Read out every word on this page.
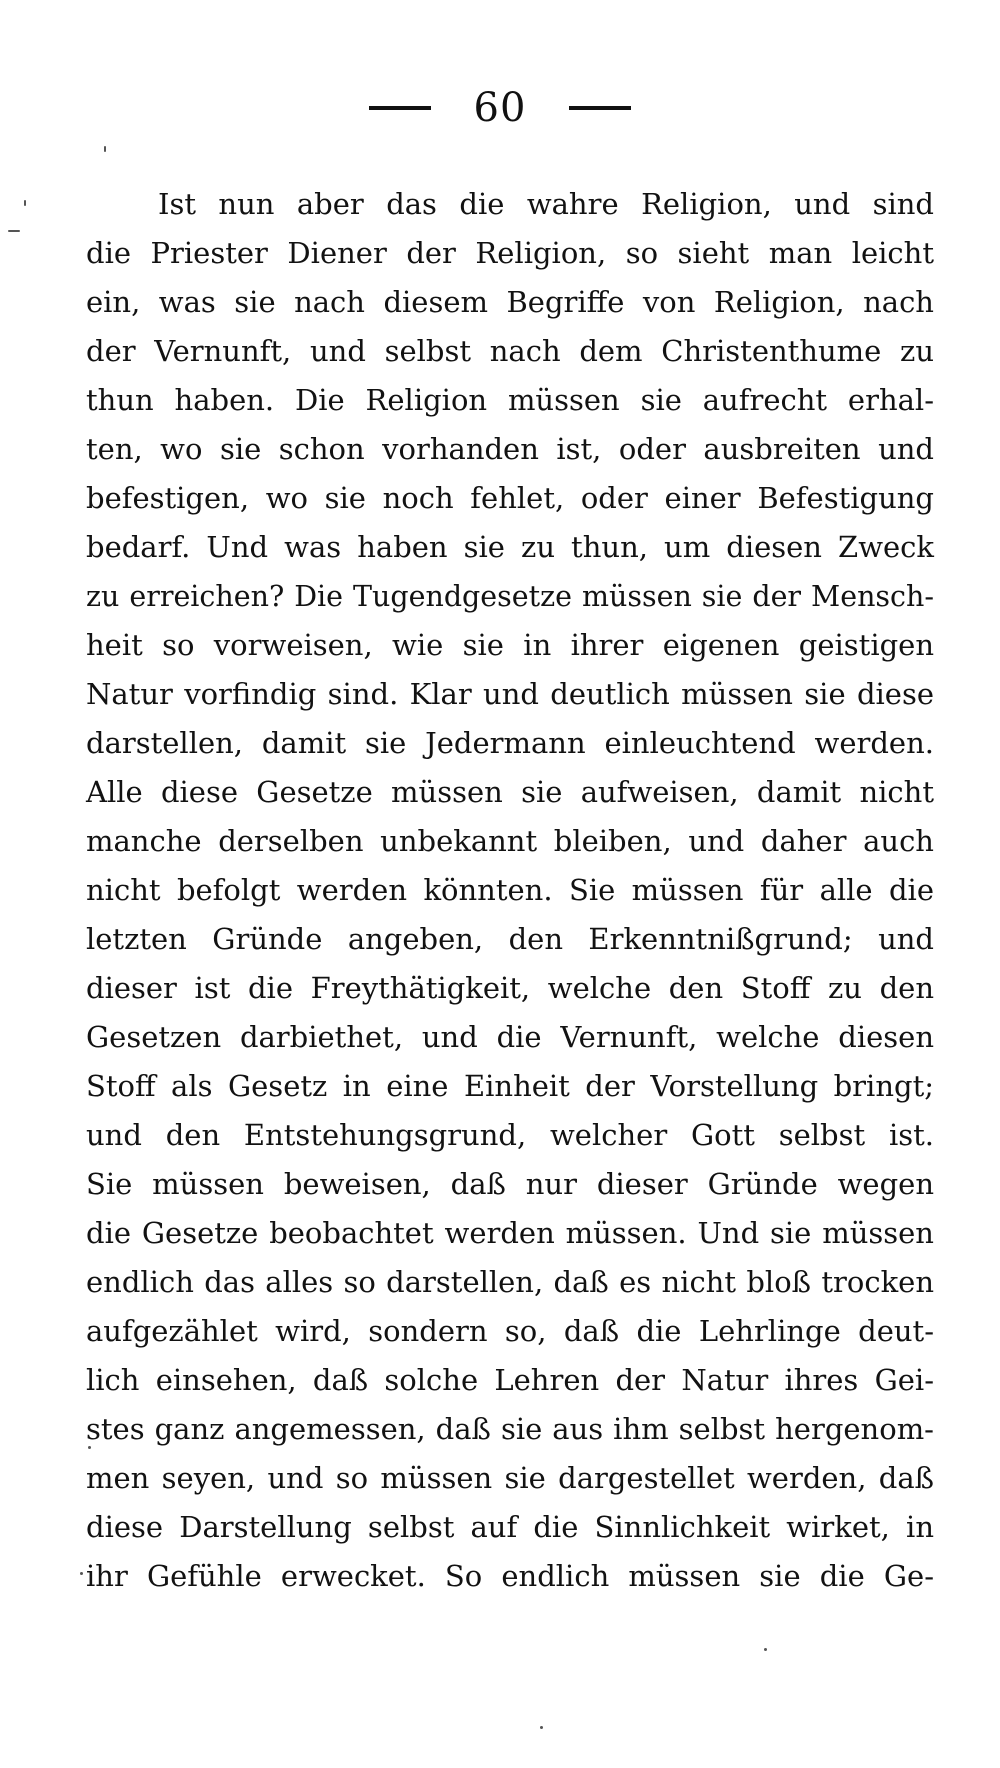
60
Ist nun aber das die wahre Religion, und sind
die Priester Diener der Religion, so sieht man leicht
ein, was sie nach diesem Begriffe von Religion, nach
der Vernunft, und selbst nach dem Christenthume zu
thun haben. Die Religion müssen sie aufrecht erhal-
ten, wo sie schon vorhanden ist, oder ausbreiten und
befestigen, wo sie noch fehlet, oder einer Befestigung
bedarf. Und was haben sie zu thun, um diesen Zweck
zu erreichen? Die Tugendgesetze müssen sie der Mensch-
heit so vorweisen, wie sie in ihrer eigenen geistigen
Natur vorfindig sind. Klar und deutlich müssen sie diese
darstellen, damit sie Jedermann einleuchtend werden.
Alle diese Gesetze müssen sie aufweisen, damit nicht
manche derselben unbekannt bleiben, und daher auch
nicht befolgt werden könnten. Sie müssen für alle die
letzten Gründe angeben, den Erkenntnißgrund; und
dieser ist die Freythätigkeit, welche den Stoff zu den
Gesetzen darbiethet, und die Vernunft, welche diesen
Stoff als Gesetz in eine Einheit der Vorstellung bringt;
und den Entstehungsgrund, welcher Gott selbst ist.
Sie müssen beweisen, daß nur dieser Gründe wegen
die Gesetze beobachtet werden müssen. Und sie müssen
endlich das alles so darstellen, daß es nicht bloß trocken
aufgezählet wird, sondern so, daß die Lehrlinge deut-
lich einsehen, daß solche Lehren der Natur ihres Gei-
stes ganz angemessen, daß sie aus ihm selbst hergenom-
men seyen, und so müssen sie dargestellet werden, daß
diese Darstellung selbst auf die Sinnlichkeit wirket, in
ihr Gefühle erwecket. So endlich müssen sie die Ge-
